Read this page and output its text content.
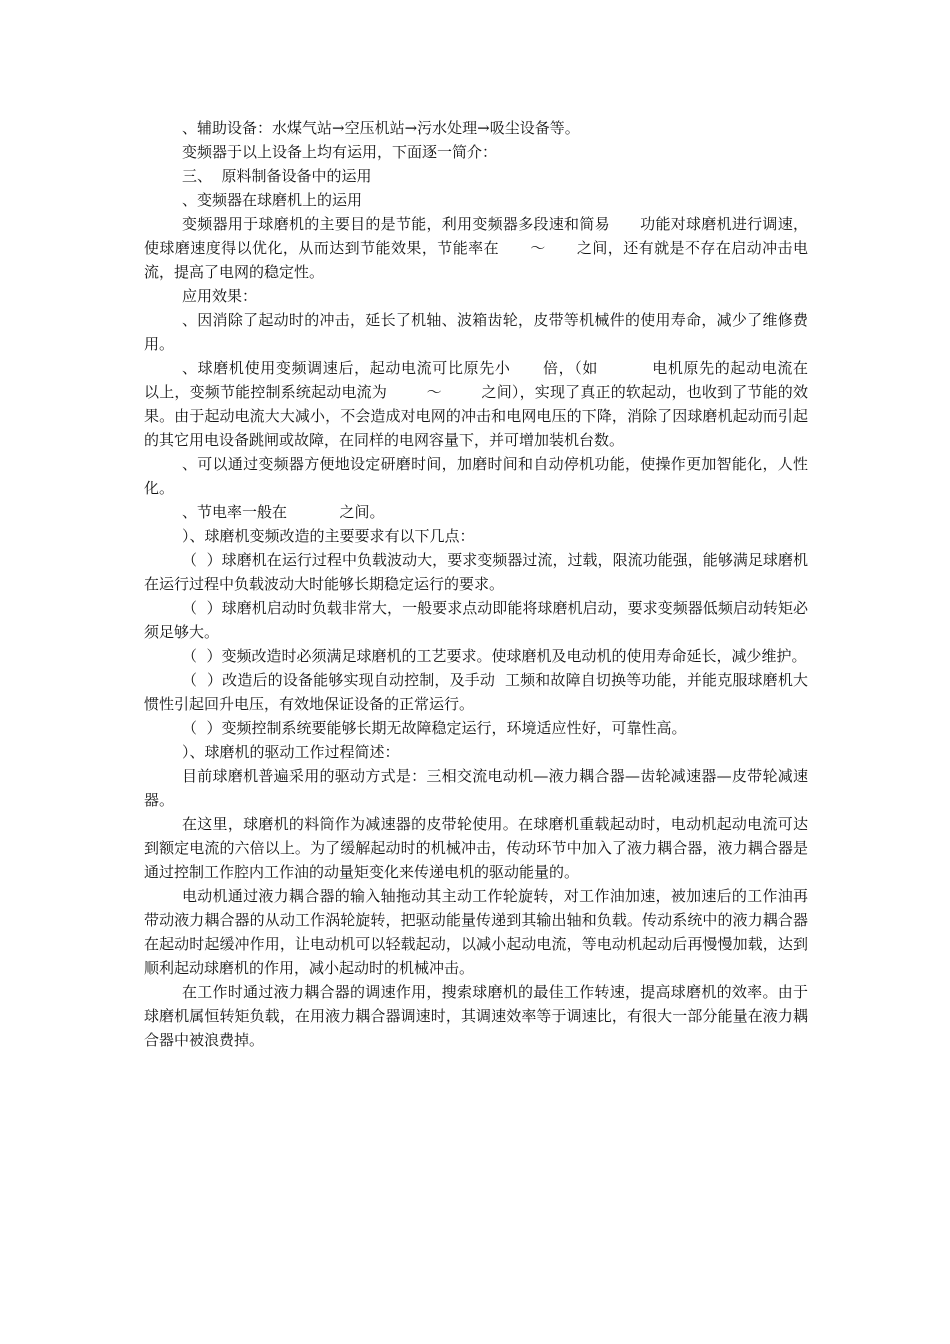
、辅助设备：水煤气站→空压机站→污水处理→吸尘设备等。

变频器于以上设备上均有运用，下面逐一简介：

三、  原料制备设备中的运用

、变频器在球磨机上的运用

变频器用于球磨机的主要目的是节能，利用变频器多段速和简易      功能对球磨机进行调速，使球磨速度得以优化，从而达到节能效果，节能率在      ～      之间，还有就是不存在启动冲击电流，提高了电网的稳定性。

应用效果：

、因消除了起动时的冲击，延长了机轴、波箱齿轮，皮带等机械件的使用寿命，减少了维修费用。

、球磨机使用变频调速后，起动电流可比原先小      倍，（如          电机原先的起动电流在          以上，变频节能控制系统起动电流为        ～        之间），实现了真正的软起动，也收到了节能的效果。由于起动电流大大减小，不会造成对电网的冲击和电网电压的下降，消除了因球磨机起动而引起的其它用电设备跳闸或故障，在同样的电网容量下，并可增加装机台数。

、可以通过变频器方便地设定研磨时间，加磨时间和自动停机功能，使操作更加智能化，人性化。

、节电率一般在           之间。

）、球磨机变频改造的主要要求有以下几点：

（  ）球磨机在运行过程中负载波动大，要求变频器过流，过载，限流功能强，能够满足球磨机在运行过程中负载波动大时能够长期稳定运行的要求。

（  ）球磨机启动时负载非常大，一般要求点动即能将球磨机启动，要求变频器低频启动转矩必须足够大。

（  ）变频改造时必须满足球磨机的工艺要求。使球磨机及电动机的使用寿命延长，减少维护。

（  ）改造后的设备能够实现自动控制，及手动  工频和故障自切换等功能，并能克服球磨机大惯性引起回升电压，有效地保证设备的正常运行。

（  ）变频控制系统要能够长期无故障稳定运行，环境适应性好，可靠性高。

）、球磨机的驱动工作过程简述：

目前球磨机普遍采用的驱动方式是：三相交流电动机—液力耦合器—齿轮减速器—皮带轮减速器。

在这里，球磨机的料筒作为减速器的皮带轮使用。在球磨机重载起动时，电动机起动电流可达到额定电流的六倍以上。为了缓解起动时的机械冲击，传动环节中加入了液力耦合器，液力耦合器是通过控制工作腔内工作油的动量矩变化来传递电机的驱动能量的。

电动机通过液力耦合器的输入轴拖动其主动工作轮旋转，对工作油加速，被加速后的工作油再带动液力耦合器的从动工作涡轮旋转，把驱动能量传递到其输出轴和负载。传动系统中的液力耦合器在起动时起缓冲作用，让电动机可以轻载起动，以减小起动电流，等电动机起动后再慢慢加载，达到顺利起动球磨机的作用，减小起动时的机械冲击。

在工作时通过液力耦合器的调速作用，搜索球磨机的最佳工作转速，提高球磨机的效率。由于球磨机属恒转矩负载，在用液力耦合器调速时，其调速效率等于调速比，有很大一部分能量在液力耦合器中被浪费掉。
